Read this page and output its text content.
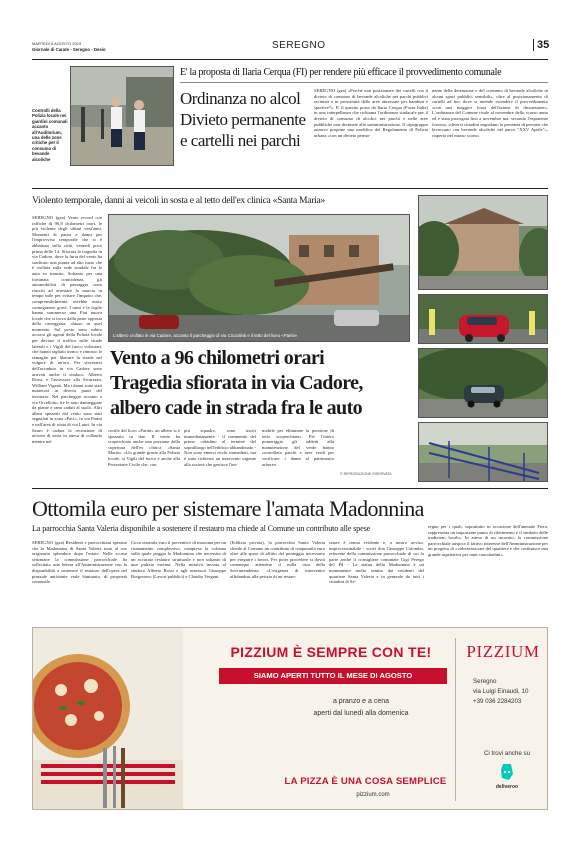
MARTEDÌ 6 AGOSTO 2019
Giornale di Carate - Seregno - Desio	SEREGNO	35
E' la proposta di Ilaria Cerqua (FI) per rendere più efficace il provvedimento comunale
Controlli della Polizia locale nei giardini comunali accanto all'Auditorium, una delle zone critiche per il consumo di bevande alcoliche
Ordinanza no alcol
Divieto permanente
e cartelli nei parchi
SEREGNO (gza) «Perché non posizionare dei cartelli con il divieto di consumo di bevande alcoliche nei parchi pubblici recintati e in prossimità delle aree attrezzate per bambini e sportive?». E' il quesito posto da Ilaria Cerqua (Forza Italia) in una interpellanza che richiama l'ordinanza sindacale per il divieto di consumo di alcolici nei parchi e nelle aree pubbliche non destinate alla somministrazione. Il capogruppo azzurro propone una modifica del Regolamento di Polizia urbana «con un divieto perma-
nente della detenzione e del consumo di bevande alcoliche in alcuni spazi pubblici sensibili», oltre al posizionamento di cartelli ad hoc dove si intende estendere il provvedimento «con una maggior forza dell'azione di dissuasione». L'ordinanza del Comune risale al novembre dello scorso anno ed è stata prorogata fino a novembre ma, secondo l'esponente forzista, «diversi cittadini segnalano la presenza di persone che bivaccano con bevande alcoliche nel parco "XXV Aprile"», riaperto nel marzo scorso.
Violento temporale, danni ai veicoli in sosta e al tetto dell'ex clinica «Santa Maria»
SEREGNO (gza) Vento record con raffiche di 96,8 chilometri orari, le più violente degli ultimi vent'anni. Momenti di paura e danni per l'improvviso temporale che si è abbattuto sulla città, venerdì poco prima delle 14. Sfiorata la tragedia in via Cadore, dove la furia del vento ha sradicato una pianta ad alto fusto che è crollata sulla sede stradale fra le auto in transito. Soltanto per una fortunata coincidenza, gli automobilisti di passaggio sono riusciti ad arrestare la marcia in tempo utile per evitare l'impatto che, comprensibilmente, avrebbe avuto conseguenze gravi. I rami e le foglie hanno sommerso una Fiat nuova locale che si trova dalla parte opposta della carreggiata, chiuso in quel momento. Sul posto sono subito accorsi gli agenti della Polizia locale per deviare il traffico sulle strade laterali e i Vigili del fuoco volontari, che hanno tagliato tronco e rimosso le ramaglie per liberare la strada nel volgere di un'ora. Per sincerarsi dell'accaduto in via Cadore sono arrivati anche il sindaco, Alberto Rossi, e l'assessore alla Sicurezza, William Viganò. Ma i danni sono stati numerosi in diversi punti del territorio. Nel parcheggio accanto a via Orcellotto, tre le auto danneggiate da piante e rami caduti al suolo. Altri alberi spezzati dal vento sono stati segnalati in zona «Pacì», in via Parini e nell'area di sosta di via Luini. In via Sauro è caduta la recinzione di un'area di sosta in attesa di collaudo mentre nel
L'albero crollato in via Cadore, accanto il parcheggio di via Cicciolinti e il tetto del liceo «Parini»
Vento a 96 chilometri orari
Tragedia sfiorata in via Cadore,
albero cade in strada fra le auto
cortile del liceo «Parini» un albero si è spezzato in due. Il vento ha scoperchiato anche una porzione della copertura dell'ex clinica «Santa Maria». «Un grande grazie alla Polizia locale, ai Vigili del fuoco e anche alla Protezione Civile che, con
più squadre, sono usciti immediatamente - il commento del primo cittadino al termine del sopralluogo nell'edificio abbandonato - Non sono emersi rischi immediati, ma è stato richiesto un intervento urgente alla società che gestisce l'im-
mobile per eliminare la porzione di tetto scoperchiata». Per l'intero pomeriggio gli addetti alla manutenzione del verde hanno controllato parchi e aree verdi per verificare i danni al patrimonio arboreo.
© RIPRODUZIONE RISERVATA
Ottomila euro per sistemare l'amata Madonnina
La parrocchia Santa Valeria disponibile a sostenere il restauro ma chiede al Comune un contributo alle spese
SEREGNO (gza) Residenti e parrocchiani sperano che la Madonnina di Santa Valeria torni al suo originario splendore dopo l'estate. Nelle scorse settimane la commissione parrocchiale ha sollecitato una lettera all'Amministrazione con la disponibilità a sostenere il restauro dell'opera nel piazzale antistante viale Santuario, di proprietà comunale.
Circa ottomila euro il preventivo di massima per un risanamento complessivo, compresa la colonna sulla quale poggia la Madonnina che necessita di un accurato restauro strutturale e non soltanto di una pulizia esterna. Nella missiva inviata al sindaco Alberto Rossi e agli assessori Giuseppe Borgonovo (Lavori pubblici) e Claudio Vergani
(Edilizia privata), la parrocchia Santa Valeria chiede al Comune un contributo di cinquemila euro oltre alle spese di affitto del ponteggio necessario per eseguire i lavori. Per poter procedere si dovrà comunque attendere il nulla osta della Sovrintendenza. «L'esigenza di intervenire affidandosi alla perizia di un restau-
ratore è ormai evidente e, a nostro avviso, improcrastinabile - scrivi don Giuseppe Colombo, referente della commissione parrocchiale di cui fa parte anche il consigliere comunale Gigi Perego del Pd - La statua della Madonnina è un monumento molto sentito dai residenti del quartiere Santa Valeria e in generale da tutti i cittadini di Se-
regno per i quali, soprattutto in occasione dell'annuale Fiera, rappresenta un importante punto di riferimento e il simbolo delle tradizioni locali». In attesa di un incontro, la commissione parrocchiale auspica il fattivo interesse dell'Amministrazione per un progetto di «valorizzazione del quartiere e che costituisce una grande aspettativa per tanti concittadini».
PIZZIUM È SEMPRE CON TE!
SIAMO APERTI TUTTO IL MESE DI AGOSTO
a pranzo e a cena
aperti dal lunedì alla domenica
LA PIZZA È UNA COSA SEMPLICE
pizzium.com
PIZZIUM
Seregno
via Luigi Einaudi, 10
+39 036 2284203
Ci trovi anche su
deliveroo
